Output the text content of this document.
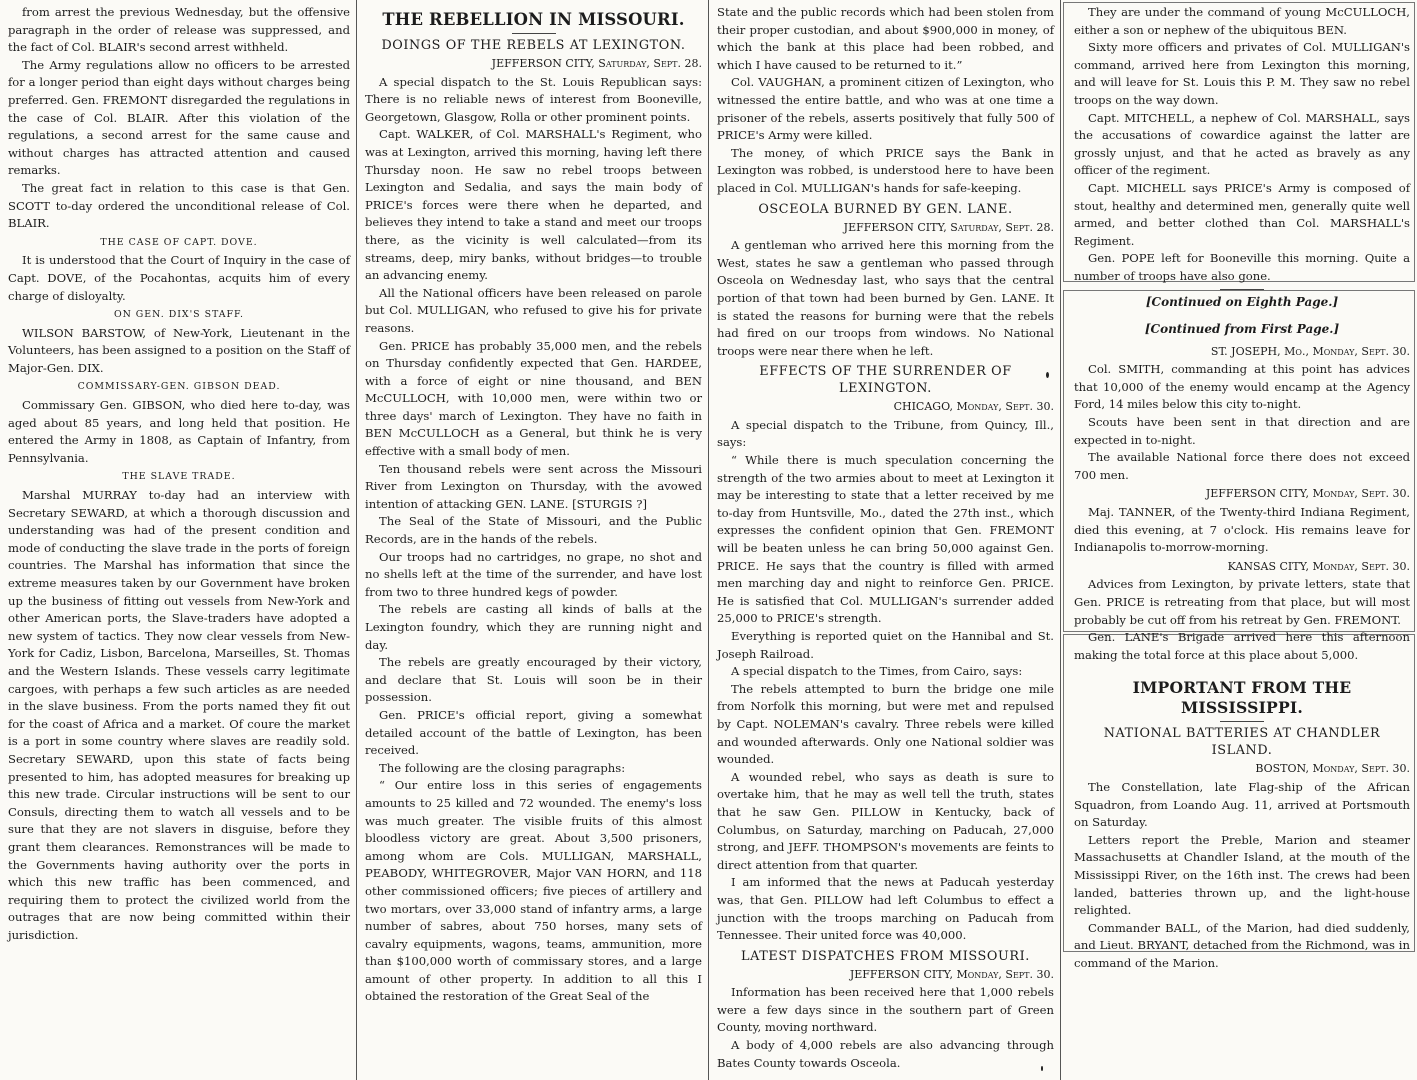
from arrest the previous Wednesday, but the offensive paragraph in the order of release was suppressed, and the fact of Col. BLAIR's second arrest withheld.

The Army regulations allow no officers to be arrested for a longer period than eight days without charges being preferred. Gen. FREMONT disregarded the regulations in the case of Col. BLAIR. After this violation of the regulations, a second arrest for the same cause and without charges has attracted attention and caused remarks.

The great fact in relation to this case is that Gen. SCOTT to-day ordered the unconditional release of Col. BLAIR.

THE CASE OF CAPT. DOVE.

It is understood that the Court of Inquiry in the case of Capt. DOVE, of the Pocahontas, acquits him of every charge of disloyalty.

ON GEN. DIX'S STAFF.

WILSON BARSTOW, of New-York, Lieutenant in the Volunteers, has been assigned to a position on the Staff of Major-Gen. DIX.

COMMISSARY-GEN. GIBSON DEAD.

Commissary Gen. GIBSON, who died here to-day, was aged about 85 years, and long held that position. He entered the Army in 1808, as Captain of Infantry, from Pennsylvania.

THE SLAVE TRADE.

Marshal MURRAY to-day had an interview with Secretary SEWARD, at which a thorough discussion and understanding was had of the present condition and mode of conducting the slave trade in the ports of foreign countries. The Marshal has information that since the extreme measures taken by our Government have broken up the business of fitting out vessels from New-York and other American ports, the Slave-traders have adopted a new system of tactics. They now clear vessels from New-York for Cadiz, Lisbon, Barcelona, Marseilles, St. Thomas and the Western Islands. These vessels carry legitimate cargoes, with perhaps a few such articles as are needed in the slave business. From the ports named they fit out for the coast of Africa and a market. Of coure the market is a port in some country where slaves are readily sold. Secretary SEWARD, upon this state of facts being presented to him, has adopted measures for breaking up this new trade. Circular instructions will be sent to our Consuls, directing them to watch all vessels and to be sure that they are not slavers in disguise, before they grant them clearances. Remonstrances will be made to the Governments having authority over the ports in which this new traffic has been commenced, and requiring them to protect the civilized world from the outrages that are now being committed within their jurisdiction.

THE REBELLION IN MISSOURI.
DOINGS OF THE REBELS AT LEXINGTON.

JEFFERSON CITY, Saturday, Sept. 28.

A special dispatch to the St. Louis Republican says: There is no reliable news of interest from Booneville, Georgetown, Glasgow, Rolla or other prominent points.

Capt. WALKER, of Col. MARSHALL's Regiment, who was at Lexington, arrived this morning, having left there Thursday noon. He saw no rebel troops between Lexington and Sedalia, and says the main body of PRICE's forces were there when he departed, and believes they intend to take a stand and meet our troops there, as the vicinity is well calculated—from its streams, deep, miry banks, without bridges—to trouble an advancing enemy.

All the National officers have been released on parole but Col. MULLIGAN, who refused to give his for private reasons.

Gen. PRICE has probably 35,000 men, and the rebels on Thursday confidently expected that Gen. HARDEE, with a force of eight or nine thousand, and BEN McCULLOCH, with 10,000 men, were within two or three days' march of Lexington. They have no faith in BEN McCULLOCH as a General, but think he is very effective with a small body of men.

Ten thousand rebels were sent across the Missouri River from Lexington on Thursday, with the avowed intention of attacking GEN. LANE. [STURGIS ?]

The Seal of the State of Missouri, and the Public Records, are in the hands of the rebels.

Our troops had no cartridges, no grape, no shot and no shells left at the time of the surrender, and have lost from two to three hundred kegs of powder.

The rebels are casting all kinds of balls at the Lexington foundry, which they are running night and day.

The rebels are greatly encouraged by their victory, and declare that St. Louis will soon be in their possession.

Gen. PRICE's official report, giving a somewhat detailed account of the battle of Lexington, has been received.

The following are the closing paragraphs:

“ Our entire loss in this series of engagements amounts to 25 killed and 72 wounded. The enemy's loss was much greater. The visible fruits of this almost bloodless victory are great. About 3,500 prisoners, among whom are Cols. MULLIGAN, MARSHALL, PEABODY, WHITEGROVER, Major VAN HORN, and 118 other commissioned officers; five pieces of artillery and two mortars, over 33,000 stand of infantry arms, a large number of sabres, about 750 horses, many sets of cavalry equipments, wagons, teams, ammunition, more than $100,000 worth of commissary stores, and a large amount of other property. In addition to all this I obtained the restoration of the Great Seal of the

State and the public records which had been stolen from their proper custodian, and about $900,000 in money, of which the bank at this place had been robbed, and which I have caused to be returned to it.”

Col. VAUGHAN, a prominent citizen of Lexington, who witnessed the entire battle, and who was at one time a prisoner of the rebels, asserts positively that fully 500 of PRICE's Army were killed.

The money, of which PRICE says the Bank in Lexington was robbed, is understood here to have been placed in Col. MULLIGAN's hands for safe-keeping.

OSCEOLA BURNED BY GEN. LANE.

JEFFERSON CITY, Saturday, Sept. 28.

A gentleman who arrived here this morning from the West, states he saw a gentleman who passed through Osceola on Wednesday last, who says that the central portion of that town had been burned by Gen. LANE. It is stated the reasons for burning were that the rebels had fired on our troops from windows. No National troops were near there when he left.

EFFECTS OF THE SURRENDER OF LEXINGTON.

CHICAGO, Monday, Sept. 30.

A special dispatch to the Tribune, from Quincy, Ill., says:

“ While there is much speculation concerning the strength of the two armies about to meet at Lexington it may be interesting to state that a letter received by me to-day from Huntsville, Mo., dated the 27th inst., which expresses the confident opinion that Gen. FREMONT will be beaten unless he can bring 50,000 against Gen. PRICE. He says that the country is filled with armed men marching day and night to reinforce Gen. PRICE. He is satisfied that Col. MULLIGAN's surrender added 25,000 to PRICE's strength.

Everything is reported quiet on the Hannibal and St. Joseph Railroad.

A special dispatch to the Times, from Cairo, says:

The rebels attempted to burn the bridge one mile from Norfolk this morning, but were met and repulsed by Capt. NOLEMAN's cavalry. Three rebels were killed and wounded afterwards. Only one National soldier was wounded.

A wounded rebel, who says as death is sure to overtake him, that he may as well tell the truth, states that he saw Gen. PILLOW in Kentucky, back of Columbus, on Saturday, marching on Paducah, 27,000 strong, and JEFF. THOMPSON's movements are feints to direct attention from that quarter.

I am informed that the news at Paducah yesterday was, that Gen. PILLOW had left Columbus to effect a junction with the troops marching on Paducah from Tennessee. Their united force was 40,000.

LATEST DISPATCHES FROM MISSOURI.

JEFFERSON CITY, Monday, Sept. 30.

Information has been received here that 1,000 rebels were a few days since in the southern part of Green County, moving northward.

A body of 4,000 rebels are also advancing through Bates County towards Osceola.

They are under the command of young McCULLOCH, either a son or nephew of the ubiquitous BEN.

Sixty more officers and privates of Col. MULLIGAN's command, arrived here from Lexington this morning, and will leave for St. Louis this P. M. They saw no rebel troops on the way down.

Capt. MITCHELL, a nephew of Col. MARSHALL, says the accusations of cowardice against the latter are grossly unjust, and that he acted as bravely as any officer of the regiment.

Capt. MICHELL says PRICE's Army is composed of stout, healthy and determined men, generally quite well armed, and better clothed than Col. MARSHALL's Regiment.

Gen. POPE left for Booneville this morning. Quite a number of troops have also gone.

[Continued on Eighth Page.]

[Continued from First Page.]

ST. JOSEPH, Mo., Monday, Sept. 30.

Col. SMITH, commanding at this point has advices that 10,000 of the enemy would encamp at the Agency Ford, 14 miles below this city to-night.

Scouts have been sent in that direction and are expected in to-night.

The available National force there does not exceed 700 men.

JEFFERSON CITY, Monday, Sept. 30.

Maj. TANNER, of the Twenty-third Indiana Regiment, died this evening, at 7 o'clock. His remains leave for Indianapolis to-morrow-morning.

KANSAS CITY, Monday, Sept. 30.

Advices from Lexington, by private letters, state that Gen. PRICE is retreating from that place, but will most probably be cut off from his retreat by Gen. FREMONT.

Gen. LANE's Brigade arrived here this afternoon making the total force at this place about 5,000.

IMPORTANT FROM THE MISSISSIPPI.
NATIONAL BATTERIES AT CHANDLER ISLAND.

BOSTON, Monday, Sept. 30.

The Constellation, late Flag-ship of the African Squadron, from Loando Aug. 11, arrived at Portsmouth on Saturday.

Letters report the Preble, Marion and steamer Massachusetts at Chandler Island, at the mouth of the Mississippi River, on the 16th inst. The crews had been landed, batteries thrown up, and the light-house relighted.

Commander BALL, of the Marion, had died suddenly, and Lieut. BRYANT, detached from the Richmond, was in command of the Marion.
